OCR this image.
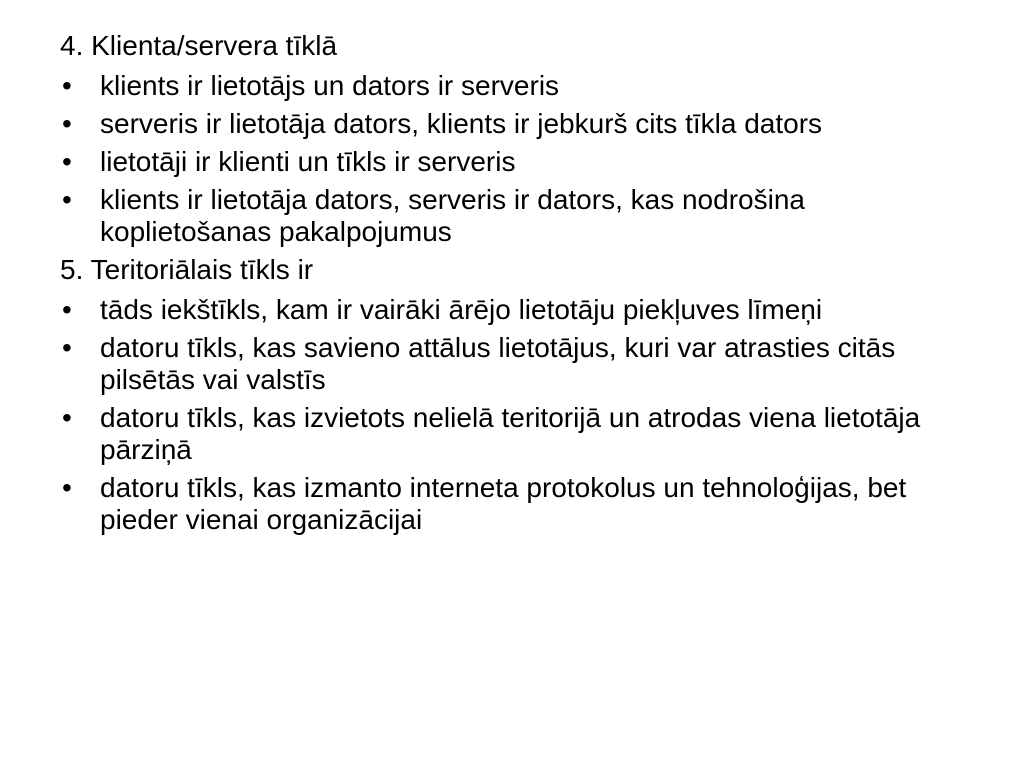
4. Klienta/servera tīklā
•	klients ir lietotājs un dators ir serveris
•	serveris ir lietotāja dators, klients ir jebkurš cits tīkla dators
•	lietotāji ir klienti un tīkls ir serveris
•	klients ir lietotāja dators, serveris ir dators, kas nodrošina koplietošanas pakalpojumus
5. Teritoriālais tīkls ir
•	tāds iekštīkls, kam ir vairāki ārējo lietotāju piekļuves līmeņi
•	datoru tīkls, kas savieno attālus lietotājus, kuri var atrasties citās pilsētās vai valstīs
•	datoru tīkls, kas izvietots nelielā teritorijā un atrodas viena lietotāja pārziņā
•	datoru tīkls, kas izmanto interneta protokolus un tehnoloģijas, bet pieder vienai organizācijai
